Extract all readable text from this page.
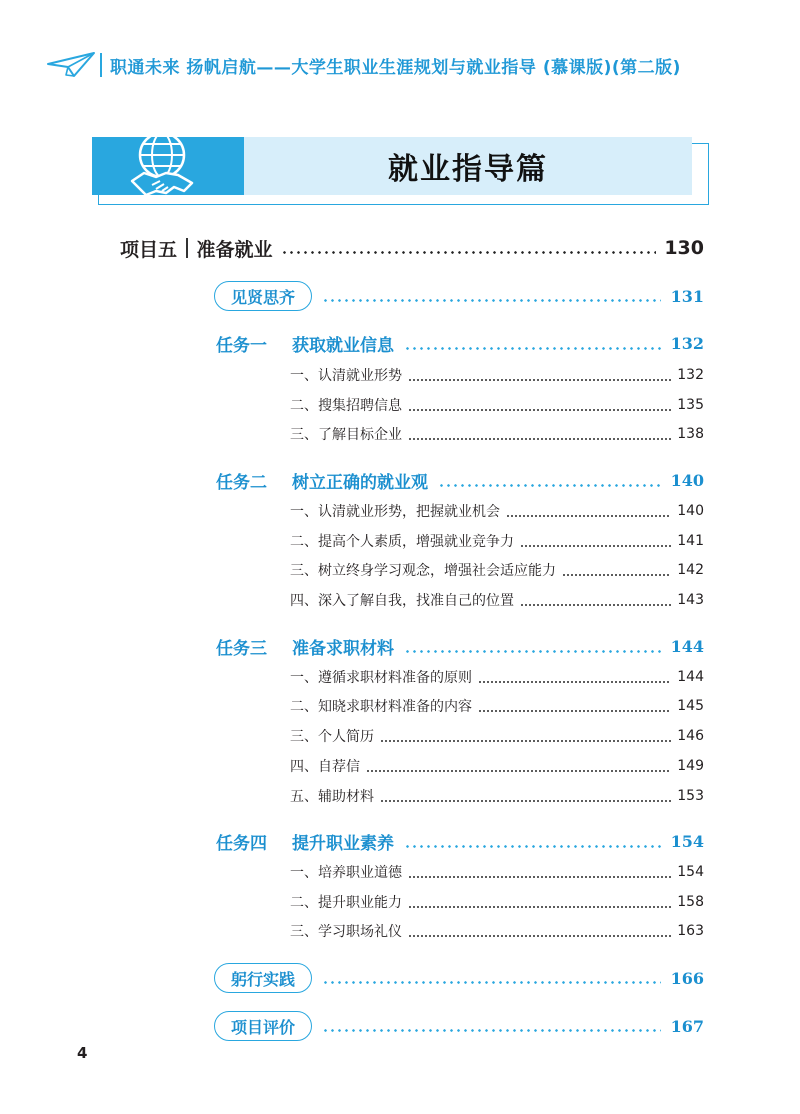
职通未来 扬帆启航——大学生职业生涯规划与就业指导 (慕课版)(第二版)
就业指导篇
项目五 准备就业	130
见贤思齐	131
任务一	获取就业信息	132
一、认清就业形势	132
二、搜集招聘信息	135
三、了解目标企业	138
任务二	树立正确的就业观	140
一、认清就业形势，把握就业机会	140
二、提高个人素质，增强就业竞争力	141
三、树立终身学习观念，增强社会适应能力	142
四、深入了解自我，找准自己的位置	143
任务三	准备求职材料	144
一、遵循求职材料准备的原则	144
二、知晓求职材料准备的内容	145
三、个人简历	146
四、自荐信	149
五、辅助材料	153
任务四	提升职业素养	154
一、培养职业道德	154
二、提升职业能力	158
三、学习职场礼仪	163
躬行实践	166
项目评价	167
4
